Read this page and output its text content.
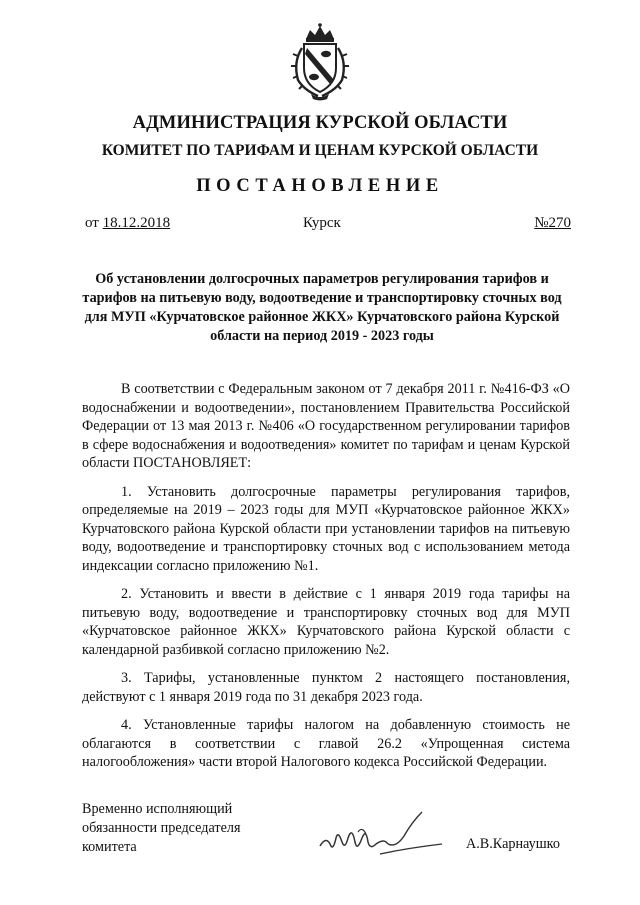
АДМИНИСТРАЦИЯ КУРСКОЙ ОБЛАСТИ
КОМИТЕТ ПО ТАРИФАМ И ЦЕНАМ КУРСКОЙ ОБЛАСТИ
ПОСТАНОВЛЕНИЕ
от 18.12.2018	Курск	№270
Об установлении долгосрочных параметров регулирования тарифов и тарифов на питьевую воду, водоотведение и транспортировку сточных вод для МУП «Курчатовское районное ЖКХ» Курчатовского района Курской области на период 2019 - 2023 годы

В соответствии с Федеральным законом от 7 декабря 2011 г. №416-ФЗ «О водоснабжении и водоотведении», постановлением Правительства Российской Федерации от 13 мая 2013 г. №406 «О государственном регулировании тарифов в сфере водоснабжения и водоотведения» комитет по тарифам и ценам Курской области ПОСТАНОВЛЯЕТ:

1. Установить долгосрочные параметры регулирования тарифов, определяемые на 2019 – 2023 годы для МУП «Курчатовское районное ЖКХ» Курчатовского района Курской области при установлении тарифов на питьевую воду, водоотведение и транспортировку сточных вод с использованием метода индексации согласно приложению №1.

2. Установить и ввести в действие с 1 января 2019 года тарифы на питьевую воду, водоотведение и транспортировку сточных вод для МУП «Курчатовское районное ЖКХ» Курчатовского района Курской области с календарной разбивкой согласно приложению №2.

3. Тарифы, установленные пунктом 2 настоящего постановления, действуют с 1 января 2019 года по 31 декабря 2023 года.

4. Установленные тарифы налогом на добавленную стоимость не облагаются в соответствии с главой 26.2 «Упрощенная система налогообложения» части второй Налогового кодекса Российской Федерации.

Временно исполняющий
обязанности председателя
комитета	А.В.Карнаушко
